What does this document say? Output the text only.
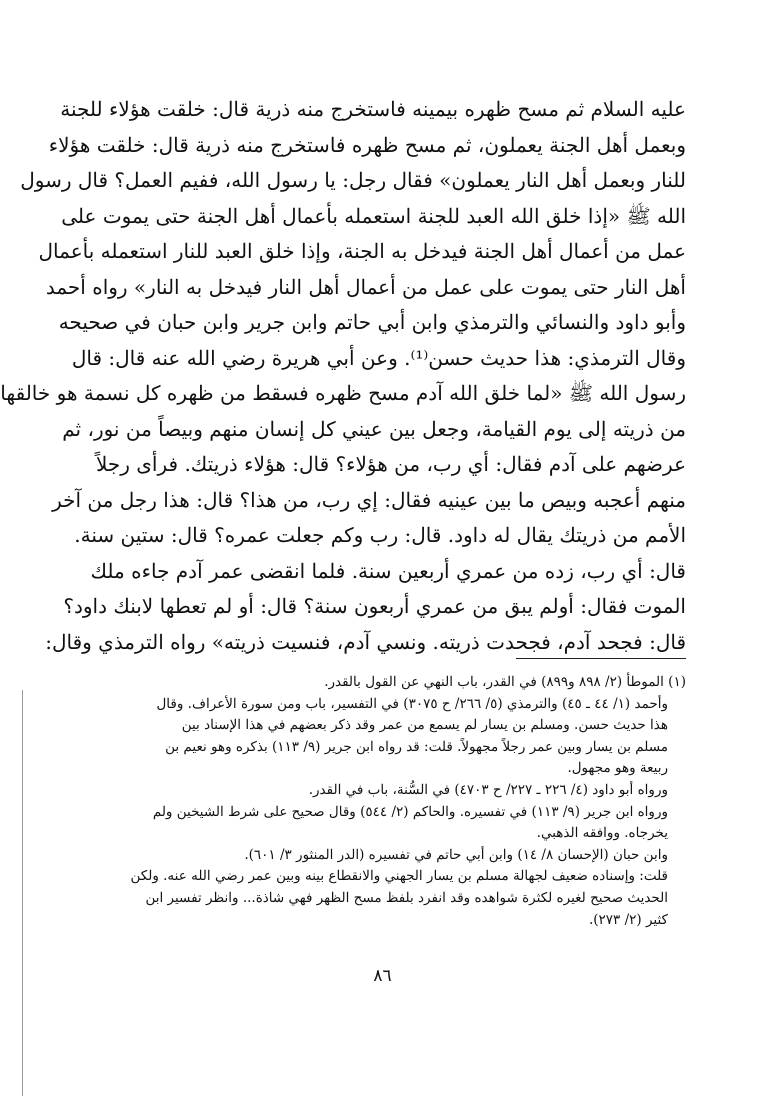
عليه السلام ثم مسح ظهره بيمينه فاستخرج منه ذرية قال: خلقت هؤلاء للجنة
وبعمل أهل الجنة يعملون، ثم مسح ظهره فاستخرج منه ذرية قال: خلقت هؤلاء
للنار وبعمل أهل النار يعملون» فقال رجل: يا رسول الله، ففيم العمل؟ قال رسول
الله ﷺ «إذا خلق الله العبد للجنة استعمله بأعمال أهل الجنة حتى يموت على
عمل من أعمال أهل الجنة فيدخل به الجنة، وإذا خلق العبد للنار استعمله بأعمال
أهل النار حتى يموت على عمل من أعمال أهل النار فيدخل به النار» رواه أحمد
وأبو داود والنسائي والترمذي وابن أبي حاتم وابن جرير وابن حبان في صحيحه
وقال الترمذي: هذا حديث حسن⁽¹⁾. وعن أبي هريرة رضي الله عنه قال: قال
رسول الله ﷺ «لما خلق الله آدم مسح ظهره فسقط من ظهره كل نسمة هو خالقها
من ذريته إلى يوم القيامة، وجعل بين عيني كل إنسان منهم وبيصاً من نور، ثم
عرضهم على آدم فقال: أي رب، من هؤلاء؟ قال: هؤلاء ذريتك. فرأى رجلاً
منهم أعجبه وبيص ما بين عينيه فقال: إي رب، من هذا؟ قال: هذا رجل من آخر
الأمم من ذريتك يقال له داود. قال: رب وكم جعلت عمره؟ قال: ستين سنة.
قال: أي رب، زده من عمري أربعين سنة. فلما انقضى عمر آدم جاءه ملك
الموت فقال: أولم يبق من عمري أربعون سنة؟ قال: أو لم تعطها لابنك داود؟
قال: فجحد آدم، فجحدت ذريته. ونسي آدم، فنسيت ذريته» رواه الترمذي وقال:
(١) الموطأ (٢/ ٨٩٨ و٨٩٩) في القدر، باب النهي عن القول بالقدر.
وأحمد (١/ ٤٤ ـ ٤٥) والترمذي (٥/ ٢٦٦/ ح ٣٠٧٥) في التفسير، باب ومن سورة الأعراف. وقال
هذا حديث حسن. ومسلم بن يسار لم يسمع من عمر وقد ذكر بعضهم في هذا الإسناد بين
مسلم بن يسار وبين عمر رجلاً مجهولاً. قلت: قد رواه ابن جرير (٩/ ١١٣) بذكره وهو نعيم بن
ربيعة وهو مجهول.
ورواه أبو داود (٤/ ٢٢٦ ـ ٢٢٧/ ح ٤٧٠٣) في السُّنة، باب في القدر.
ورواه ابن جرير (٩/ ١١٣) في تفسيره. والحاكم (٢/ ٥٤٤) وقال صحيح على شرط الشيخين ولم
يخرجاه. ووافقه الذهبي.
وابن حبان (الإحسان ٨/ ١٤) وابن أبي حاتم في تفسيره (الدر المنثور ٣/ ٦٠١).
قلت: وإسناده ضعيف لجهالة مسلم بن يسار الجهني والانقطاع بينه وبين عمر رضي الله عنه. ولكن
الحديث صحيح لغيره لكثرة شواهده وقد انفرد بلفظ مسح الظهر فهي شاذة... وانظر تفسير ابن
كثير (٢/ ٢٧٣).
٨٦
